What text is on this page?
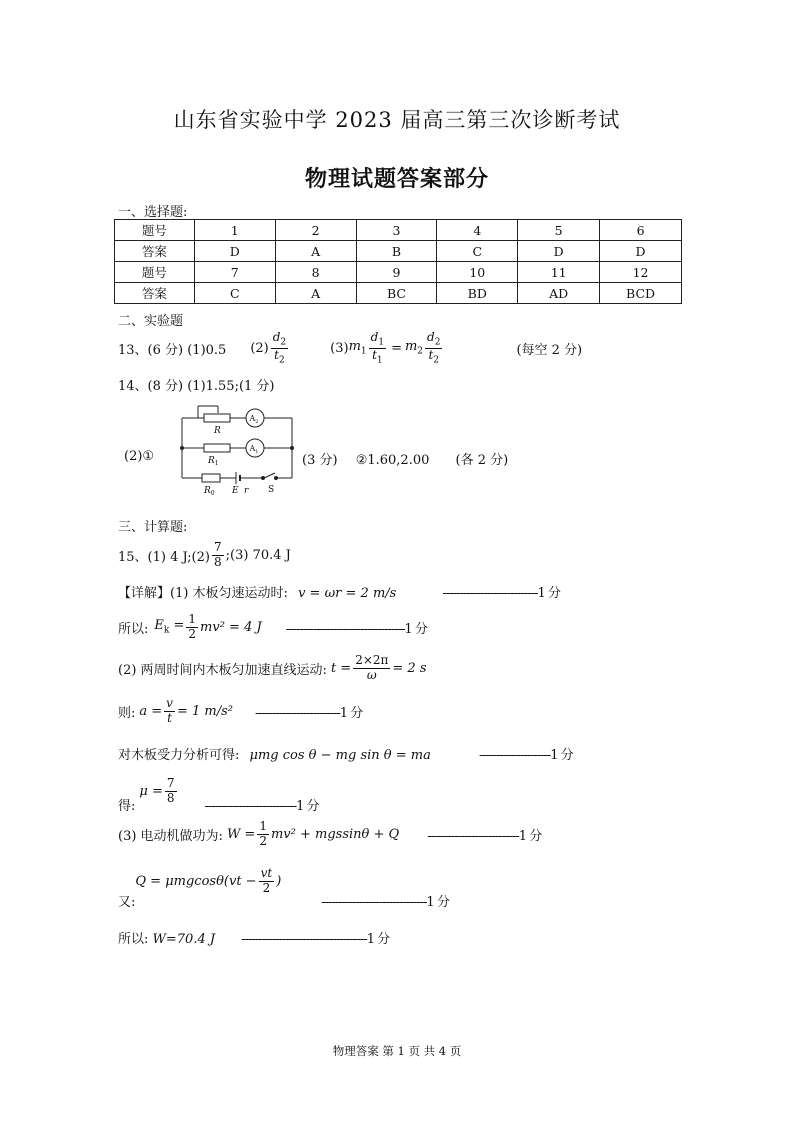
山东省实验中学 2023 届高三第三次诊断考试
物理试题答案部分
一、选择题:
题号	1	2	3	4	5	6
答案	D	A	B	C	D	D
题号	7	8	9	10	11	12
答案	C	A	BC	BD	AD	BCD
二、实验题
13、(6 分) (1)0.5 $(2) \frac{d_2}{t_2}$	(3) $m_1 \frac{d_1}{t_1} = m_2 \frac{d_2}{t_2}$	(每空 2 分)
14、(8 分) (1)1.55;(1 分)
(2)①
R
$R_1$
$R_0$ E r S
$A_2$
$A_1$
(3 分) ②1.60,2.00 (各 2 分)
三、计算题:
15、(1) 4 J;(2) $\frac{7}{8}$ ;(3) 70.4 J
【详解】(1) 木板匀速运动时: v = ωr = 2 m/s	----------------------------1 分
所以: $E_k = \frac{1}{2} mv^2 = 4$ J -----------------------------------1 分
(2) 两周时间内木板匀加速直线运动: $t = \frac{2\times 2\pi}{\omega} = 2$ s
则: $a = \frac{v}{t} = 1$ m/s² -------------------------1 分
对木板受力分析可得: μmg cos θ − mg sin θ = ma	---------------------1 分
得:
$\mu = \frac{7}{8}$
---------------------------1 分
(3) 电动机做功为: $W = \frac{1}{2} mv^2 + mgssin\theta + Q$ ---------------------------1 分
又:
$Q = \mu mgcos\theta(vt - \frac{vt}{2}$ )
-------------------------------1 分
所以: W=70.4 J -------------------------------------1 分
物理答案 第 1 页 共 4 页
